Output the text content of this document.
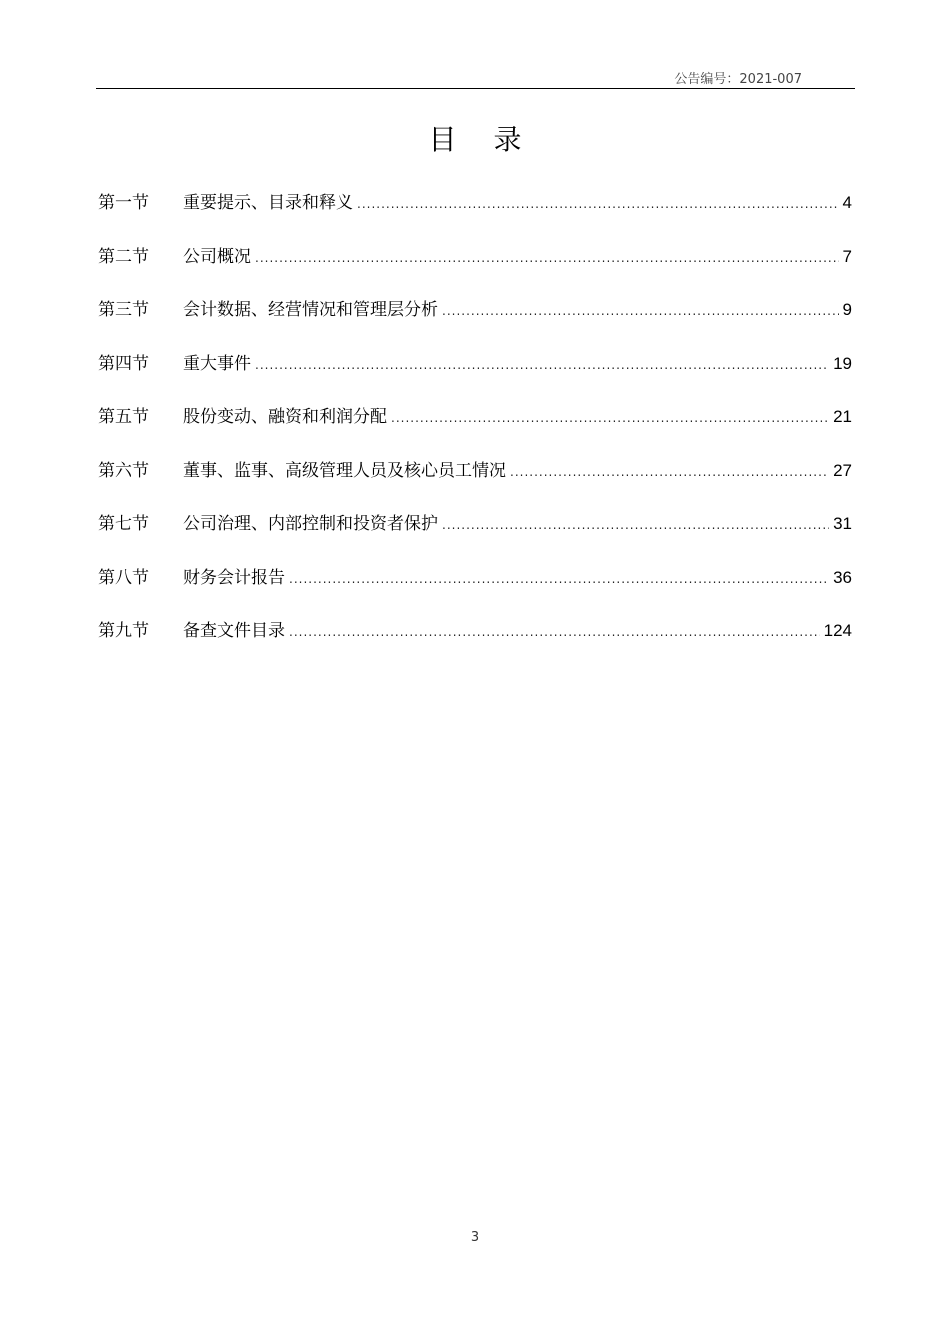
公告编号：2021-007
目 录
第一节	重要提示、目录和释义 .....	4
第二节	公司概况 .....	7
第三节	会计数据、经营情况和管理层分析 .....	9
第四节	重大事件 .....	19
第五节	股份变动、融资和利润分配 .....	21
第六节	董事、监事、高级管理人员及核心员工情况 .....	27
第七节	公司治理、内部控制和投资者保护 .....	31
第八节	财务会计报告 .....	36
第九节	备查文件目录 .....	124
3
